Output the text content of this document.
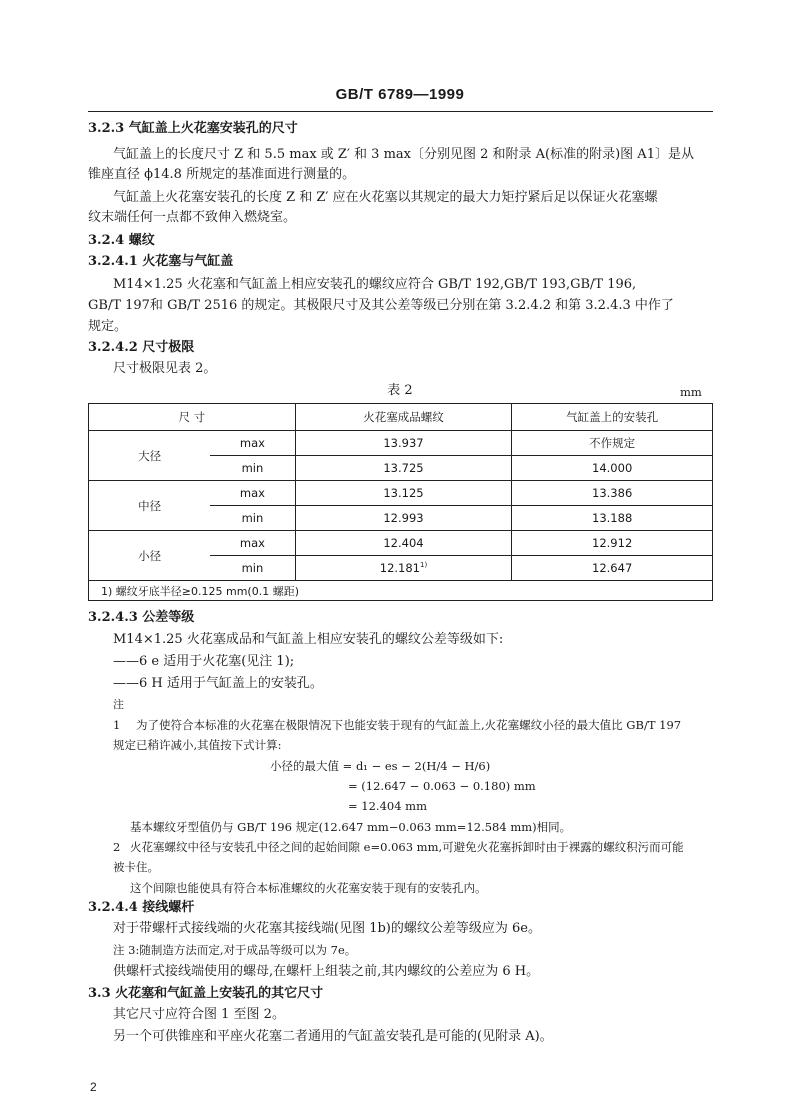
GB/T 6789—1999
3.2.3 气缸盖上火花塞安装孔的尺寸
气缸盖上的长度尺寸 Z 和 5.5 max 或 Z′ 和 3 max〔分别见图 2 和附录 A(标准的附录)图 A1〕是从
锥座直径 ϕ14.8 所规定的基准面进行测量的。
气缸盖上火花塞安装孔的长度 Z 和 Z′ 应在火花塞以其规定的最大力矩拧紧后足以保证火花塞螺
纹末端任何一点都不致伸入燃烧室。
3.2.4 螺纹
3.2.4.1 火花塞与气缸盖
M14×1.25 火花塞和气缸盖上相应安装孔的螺纹应符合 GB/T 192,GB/T 193,GB/T 196,
GB/T 197和 GB/T 2516 的规定。其极限尺寸及其公差等级已分别在第 3.2.4.2 和第 3.2.4.3 中作了
规定。
3.2.4.2 尺寸极限
尺寸极限见表 2。
表 2	mm
尺 寸		火花塞成品螺纹	气缸盖上的安装孔
大径	max	13.937	不作规定
	min	13.725	14.000
中径	max	13.125	13.386
	min	12.993	13.188
小径	max	12.404	12.912
	min	12.181$^{1)}$	12.647
1) 螺纹牙底半径≥0.125 mm(0.1 螺距)			
3.2.4.3 公差等级
M14×1.25 火花塞成品和气缸盖上相应安装孔的螺纹公差等级如下:
——6 e 适用于火花塞(见注 1);
——6 H 适用于气缸盖上的安装孔。
注
1 为了使符合本标准的火花塞在极限情况下也能安装于现有的气缸盖上,火花塞螺纹小径的最大值比 GB/T 197
规定已稍许减小,其值按下式计算:
小径的最大值 = d₁ − es − 2(H/4 − H/6)
= (12.647 − 0.063 − 0.180) mm
= 12.404 mm
基本螺纹牙型值仍与 GB/T 196 规定(12.647 mm−0.063 mm=12.584 mm)相同。
2 火花塞螺纹中径与安装孔中径之间的起始间隙 e=0.063 mm,可避免火花塞拆卸时由于裸露的螺纹积污而可能
被卡住。
这个间隙也能使具有符合本标准螺纹的火花塞安装于现有的安装孔内。
3.2.4.4 接线螺杆
对于带螺杆式接线端的火花塞其接线端(见图 1b)的螺纹公差等级应为 6e。
注 3:随制造方法而定,对于成品等级可以为 7e。
供螺杆式接线端使用的螺母,在螺杆上组装之前,其内螺纹的公差应为 6 H。
3.3 火花塞和气缸盖上安装孔的其它尺寸
其它尺寸应符合图 1 至图 2。
另一个可供锥座和平座火花塞二者通用的气缸盖安装孔是可能的(见附录 A)。
2
